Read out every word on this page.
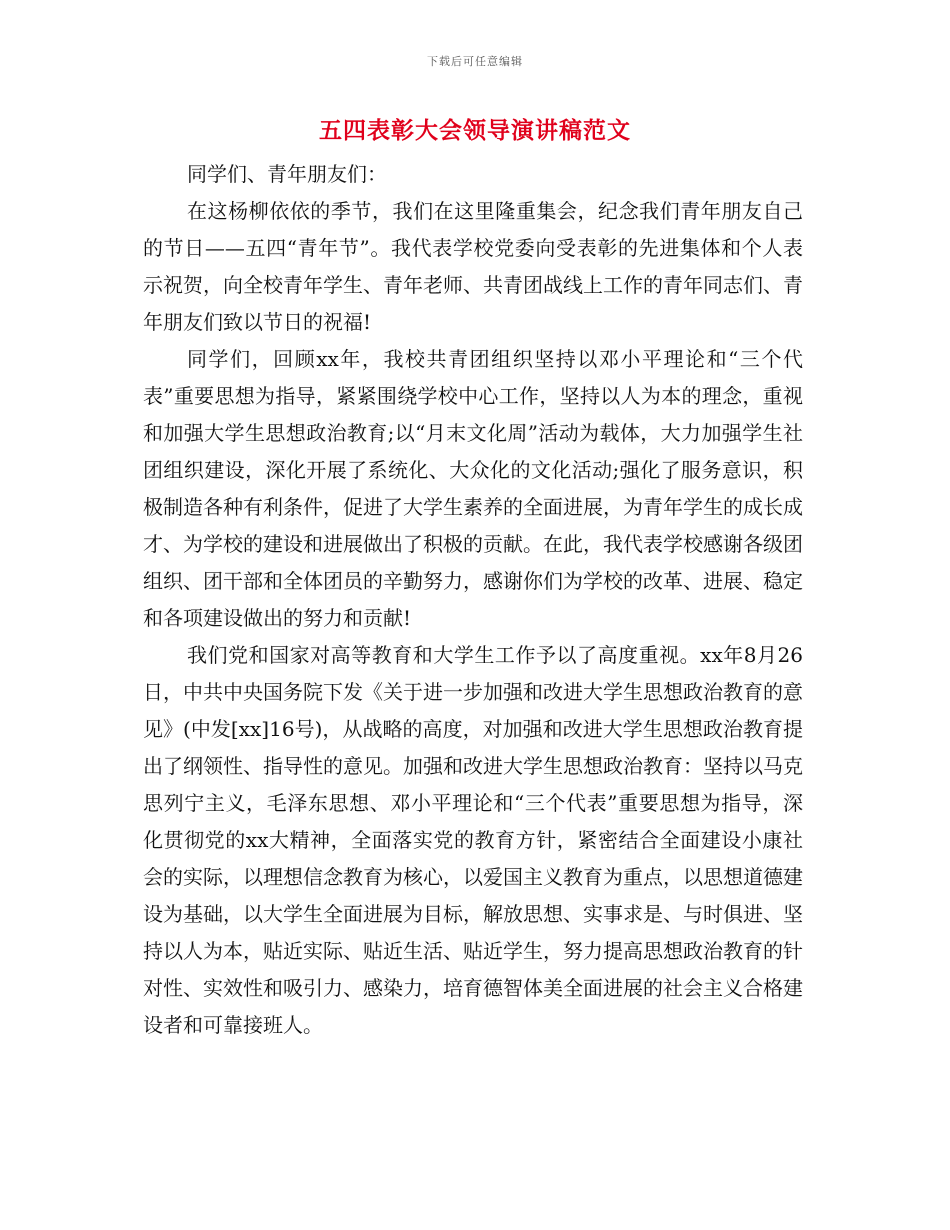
下载后可任意编辑
五四表彰大会领导演讲稿范文

同学们、青年朋友们：

在这杨柳依依的季节，我们在这里隆重集会，纪念我们青年朋友自己的节日——五四“青年节”。我代表学校党委向受表彰的先进集体和个人表示祝贺，向全校青年学生、青年老师、共青团战线上工作的青年同志们、青年朋友们致以节日的祝福!

同学们，回顾xx年，我校共青团组织坚持以邓小平理论和“三个代表”重要思想为指导，紧紧围绕学校中心工作，坚持以人为本的理念，重视和加强大学生思想政治教育;以“月末文化周”活动为载体，大力加强学生社团组织建设，深化开展了系统化、大众化的文化活动;强化了服务意识，积极制造各种有利条件，促进了大学生素养的全面进展，为青年学生的成长成才、为学校的建设和进展做出了积极的贡献。在此，我代表学校感谢各级团组织、团干部和全体团员的辛勤努力，感谢你们为学校的改革、进展、稳定和各项建设做出的努力和贡献!

我们党和国家对高等教育和大学生工作予以了高度重视。xx年8月26日，中共中央国务院下发《关于进一步加强和改进大学生思想政治教育的意见》(中发[xx]16号)，从战略的高度，对加强和改进大学生思想政治教育提出了纲领性、指导性的意见。加强和改进大学生思想政治教育：坚持以马克思列宁主义，毛泽东思想、邓小平理论和“三个代表”重要思想为指导，深化贯彻党的xx大精神，全面落实党的教育方针，紧密结合全面建设小康社会的实际，以理想信念教育为核心，以爱国主义教育为重点，以思想道德建设为基础，以大学生全面进展为目标，解放思想、实事求是、与时俱进、坚持以人为本，贴近实际、贴近生活、贴近学生，努力提高思想政治教育的针对性、实效性和吸引力、感染力，培育德智体美全面进展的社会主义合格建设者和可靠接班人。
